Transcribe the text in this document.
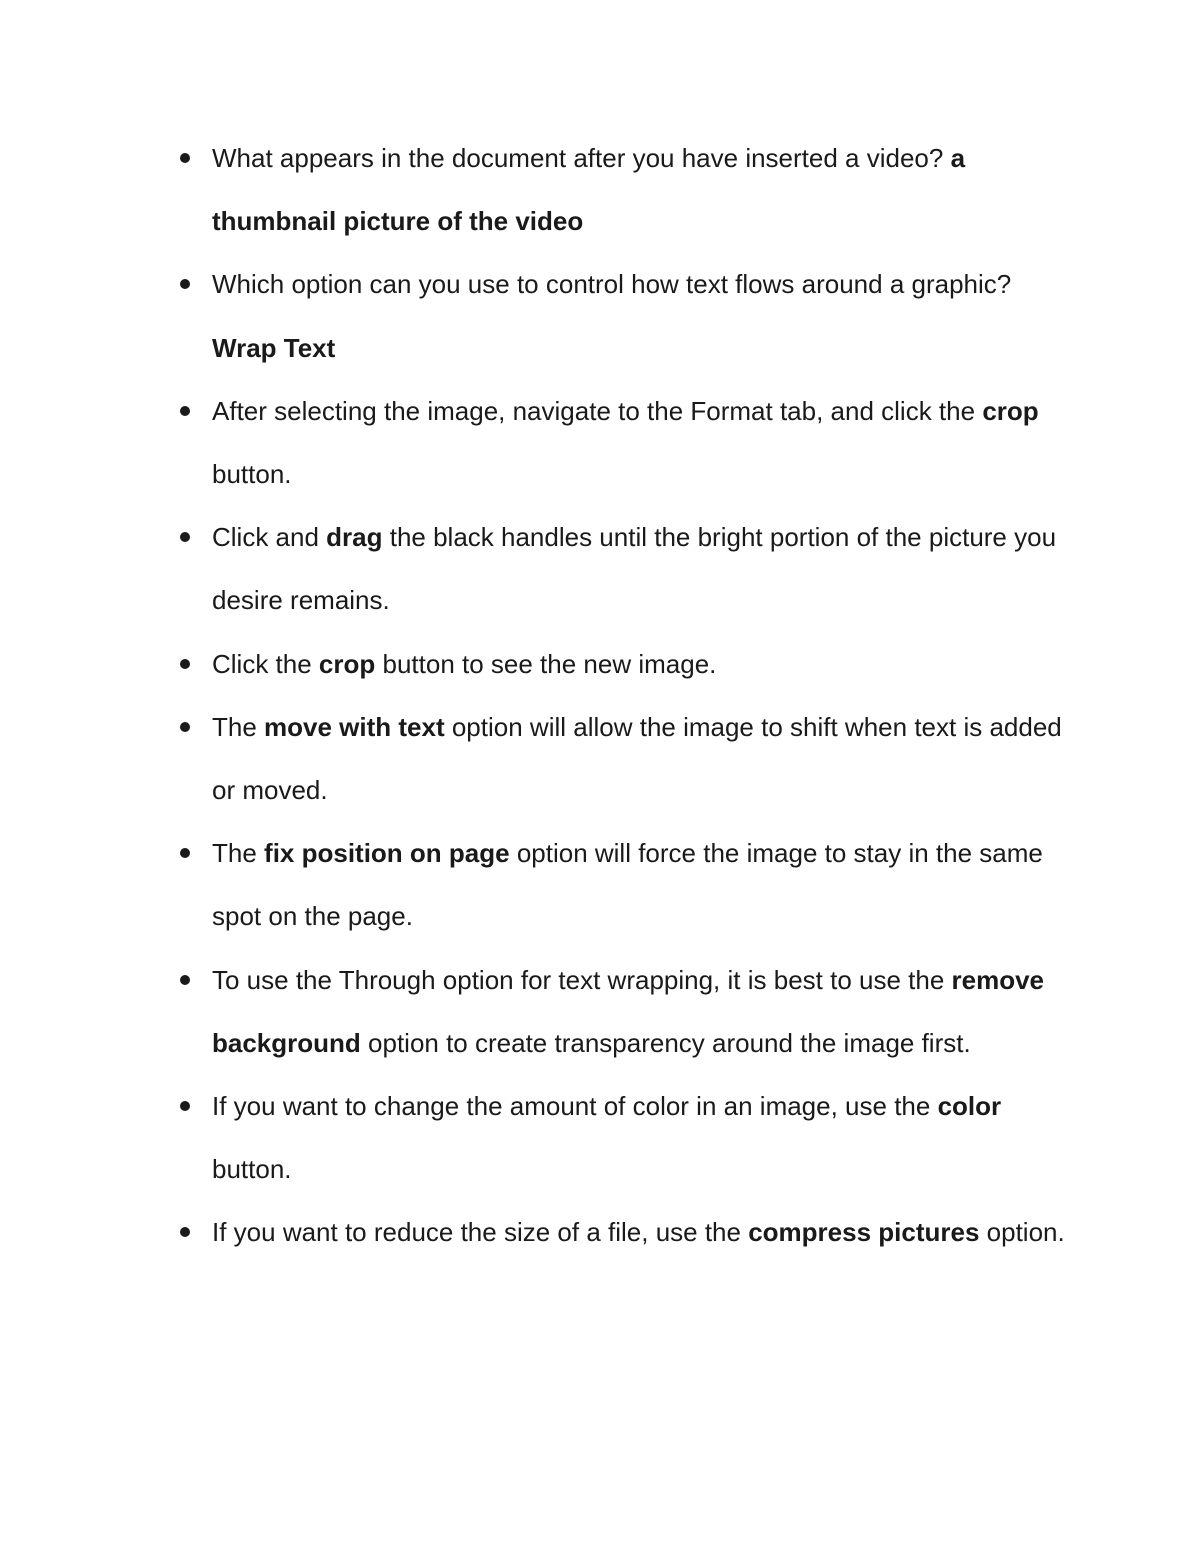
What appears in the document after you have inserted a video? a thumbnail picture of the video
Which option can you use to control how text flows around a graphic? Wrap Text
After selecting the image, navigate to the Format tab, and click the crop button.
Click and drag the black handles until the bright portion of the picture you desire remains.
Click the crop button to see the new image.
The move with text option will allow the image to shift when text is added or moved.
The fix position on page option will force the image to stay in the same spot on the page.
To use the Through option for text wrapping, it is best to use the remove background option to create transparency around the image first.
If you want to change the amount of color in an image, use the color button.
If you want to reduce the size of a file, use the compress pictures option.
